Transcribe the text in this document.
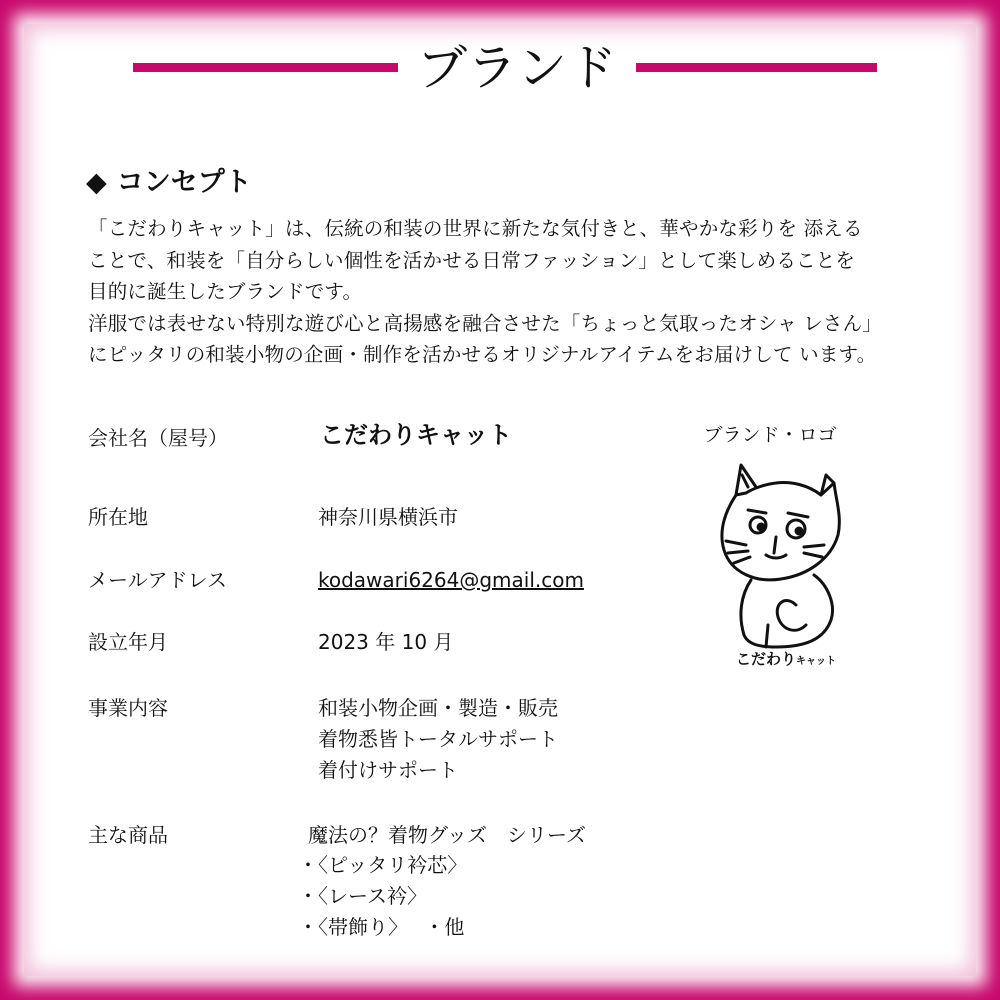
ブランド
◆ コンセプト

「こだわりキャット」は、伝統の和装の世界に新たな気付きと、華やかな彩りを 添える

ことで、和装を「自分らしい個性を活かせる日常ファッション」として楽しめることを

目的に誕生したブランドです。

洋服では表せない特別な遊び心と高揚感を融合させた「ちょっと気取ったオシャ レさん」

にピッタリの和装小物の企画・制作を活かせるオリジナルアイテムをお届けして います。

会社名（屋号）	こだわりキャット
所在地	神奈川県横浜市
メールアドレス	kodawari6264@gmail.com
設立年月	2023 年 10 月
事業内容	和装小物企画・製造・販売
着物悉皆トータルサポート
着付けサポート
主な商品	魔法の？着物グッズ　シリーズ
・〈ピッタリ衿芯〉
・〈レース衿〉
・〈帯飾り〉　 ・他
ブランド・ロゴ
こだわりキャット
